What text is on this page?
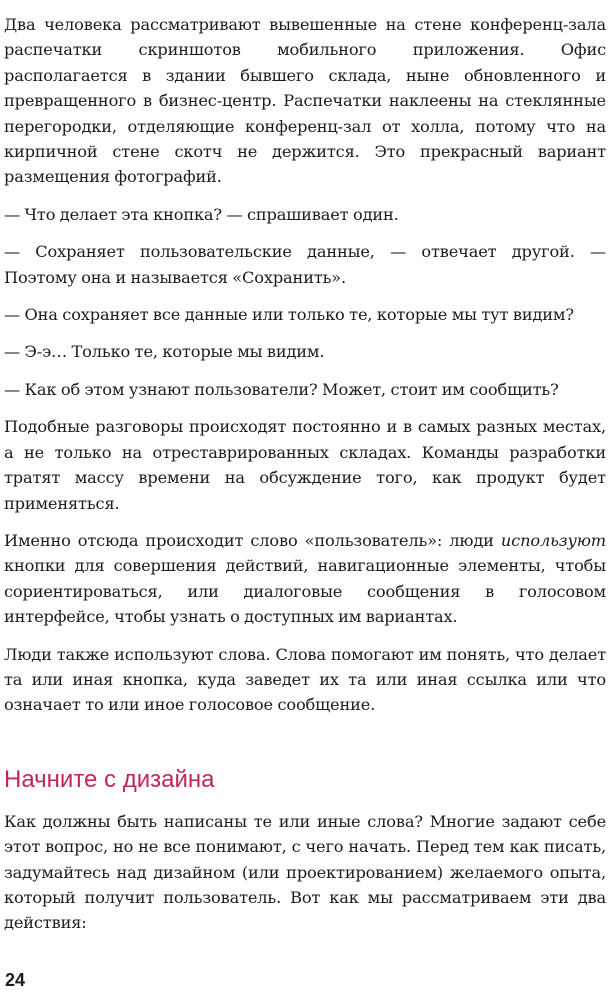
Два человека рассматривают вывешенные на стене конференц-зала распечатки скриншотов мобильного приложения. Офис располагается в здании бывшего склада, ныне обновленного и превращенного в бизнес-центр. Распечатки наклеены на стеклянные перегородки, отделяющие конференц-зал от холла, потому что на кирпичной стене скотч не держится. Это прекрасный вариант размещения фотографий.

— Что делает эта кнопка? — спрашивает один.

— Сохраняет пользовательские данные, — отвечает другой. — Поэтому она и называется «Сохранить».

— Она сохраняет все данные или только те, которые мы тут видим?

— Э-э… Только те, которые мы видим.

— Как об этом узнают пользователи? Может, стоит им сообщить?

Подобные разговоры происходят постоянно и в самых разных местах, а не только на отреставрированных складах. Команды разработки тратят массу времени на обсуждение того, как продукт будет применяться.

Именно отсюда происходит слово «пользователь»: люди используют кнопки для совершения действий, навигационные элементы, чтобы сориентироваться, или диалоговые сообщения в голосовом интерфейсе, чтобы узнать о доступных им вариантах.

Люди также используют слова. Слова помогают им понять, что делает та или иная кнопка, куда заведет их та или иная ссылка или что означает то или иное голосовое сообщение.

Начните с дизайна

Как должны быть написаны те или иные слова? Многие задают себе этот вопрос, но не все понимают, с чего начать. Перед тем как писать, задумайтесь над дизайном (или проектированием) желаемого опыта, который получит пользователь. Вот как мы рассматриваем эти два действия:

24
